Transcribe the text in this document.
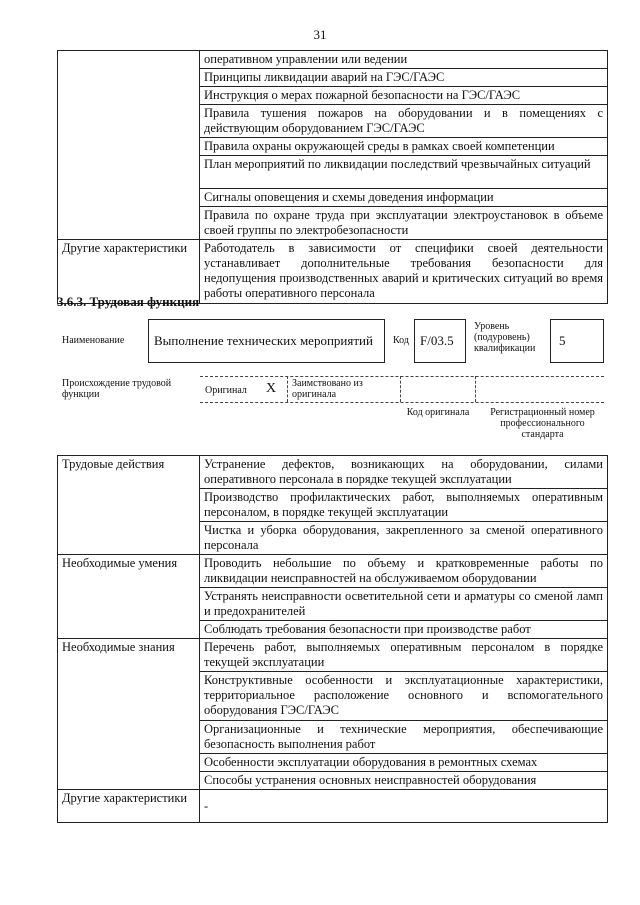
31
	оперативном управлении или ведении
	Принципы ликвидации аварий на ГЭС/ГАЭС
	Инструкция о мерах пожарной безопасности на ГЭС/ГАЭС
	Правила тушения пожаров на оборудовании и в помещениях с действующим оборудованием ГЭС/ГАЭС
	Правила охраны окружающей среды в рамках своей компетенции
	План мероприятий по ликвидации последствий чрезвычайных ситуаций
	Сигналы оповещения и схемы доведения информации
	Правила по охране труда при эксплуатации электроустановок в объеме своей группы по электробезопасности
Другие характеристики	Работодатель в зависимости от специфики своей деятельности устанавливает дополнительные требования безопасности для недопущения производственных аварий и критических ситуаций во время работы оперативного персонала
3.6.3. Трудовая функция
Наименование Выполнение технических мероприятий Код F/03.5
Уровень (подуровень) квалификации
5
Происхождение трудовой функции	Оригинал X Заимствовано из оригинала
Код оригинала	Регистрационный номер профессионального стандарта
Трудовые действия	Устранение дефектов, возникающих на оборудовании, силами оперативного персонала в порядке текущей эксплуатации
	Производство профилактических работ, выполняемых оперативным персоналом, в порядке текущей эксплуатации
	Чистка и уборка оборудования, закрепленного за сменой оперативного персонала
Необходимые умения	Проводить небольшие по объему и кратковременные работы по ликвидации неисправностей на обслуживаемом оборудовании
	Устранять неисправности осветительной сети и арматуры со сменой ламп и предохранителей
	Соблюдать требования безопасности при производстве работ
Необходимые знания	Перечень работ, выполняемых оперативным персоналом в порядке текущей эксплуатации
	Конструктивные особенности и эксплуатационные характеристики, территориальное расположение основного и вспомогательного оборудования ГЭС/ГАЭС
	Организационные и технические мероприятия, обеспечивающие безопасность выполнения работ
	Особенности эксплуатации оборудования в ремонтных схемах
	Способы устранения основных неисправностей оборудования
Другие характеристики	-
